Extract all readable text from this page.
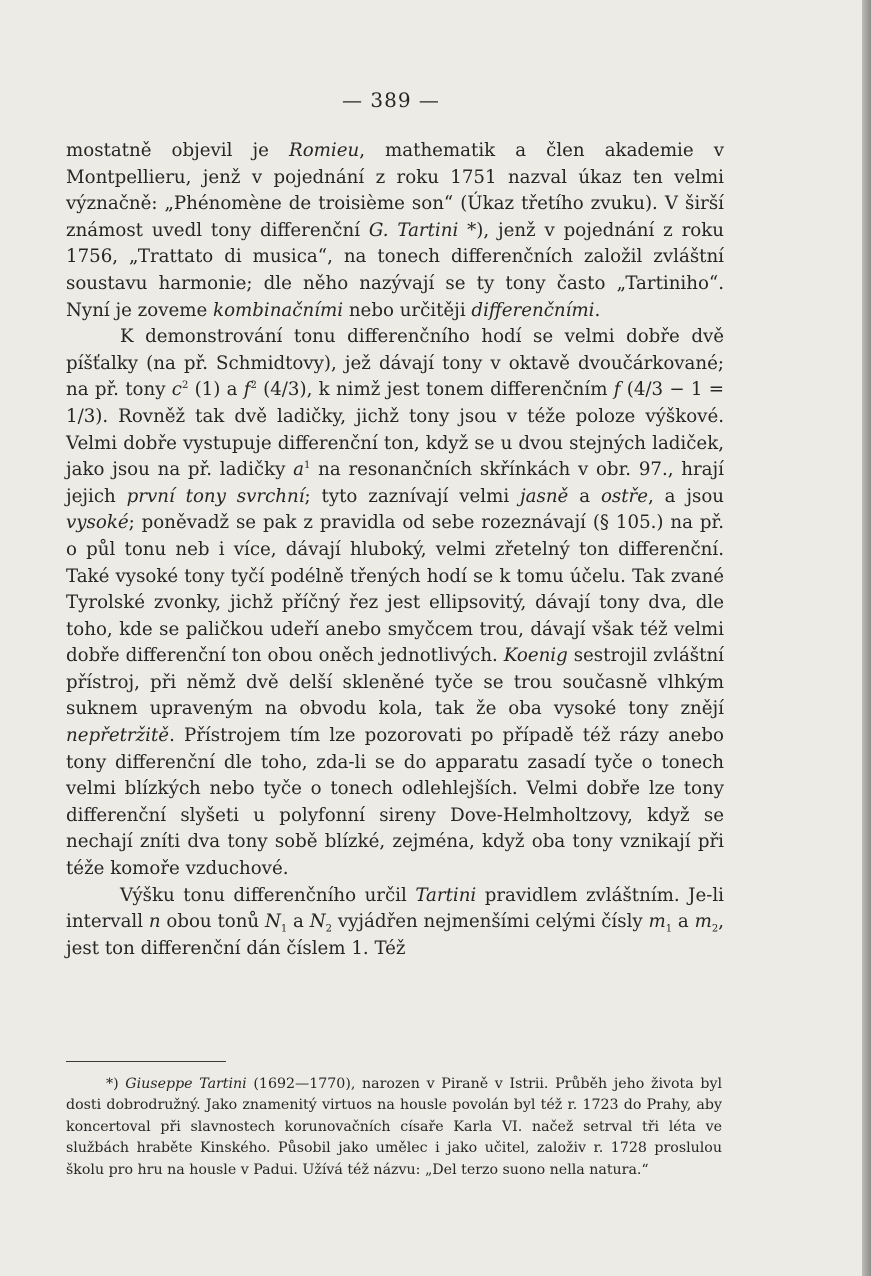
— 389 —

mostatně objevil je Romieu, mathematik a člen akademie v Montpellieru, jenž v pojednání z roku 1751 nazval úkaz ten velmi význačně: „Phénomène de troisième son“ (Úkaz třetího zvuku). V širší známost uvedl tony differenční G. Tartini *), jenž v pojednání z roku 1756, „Trattato di musica“, na tonech differenčních založil zvláštní soustavu harmonie; dle něho nazývají se ty tony často „Tartiniho“. Nyní je zoveme kombinačními nebo určitěji differenčními.

K demonstrování tonu differenčního hodí se velmi dobře dvě píšťalky (na př. Schmidtovy), jež dávají tony v oktavě dvoučárkované; na př. tony $c^2$ (1) a $f^2$ (4/3), k nimž jest tonem differenčním f (4/3 − 1 = 1/3). Rovněž tak dvě ladičky, jichž tony jsou v téže poloze výškové. Velmi dobře vystupuje differenční ton, když se u dvou stejných ladiček, jako jsou na př. ladičky $a^1$ na resonančních skřínkách v obr. 97., hrají jejich první tony svrchní; tyto zaznívají velmi jasně a ostře, a jsou vysoké; poněvadž se pak z pravidla od sebe rozeznávají (§ 105.) na př. o půl tonu neb i více, dávají hluboký, velmi zřetelný ton differenční. Také vysoké tony tyčí podélně třených hodí se k tomu účelu. Tak zvané Tyrolské zvonky, jichž příčný řez jest ellipsovitý, dávají tony dva, dle toho, kde se paličkou udeří anebo smyčcem trou, dávají však též velmi dobře differenční ton obou oněch jednotlivých. Koenig sestrojil zvláštní přístroj, při němž dvě delší skleněné tyče se trou současně vlhkým suknem upraveným na obvodu kola, tak že oba vysoké tony znějí nepřetržitě. Přístrojem tím lze pozorovati po případě též rázy anebo tony differenční dle toho, zda-li se do apparatu zasadí tyče o tonech velmi blízkých nebo tyče o tonech odlehlejších. Velmi dobře lze tony differenční slyšeti u polyfonní sireny Dove-Helmholtzovy, když se nechají zníti dva tony sobě blízké, zejména, když oba tony vznikají při téže komoře vzduchové.

Výšku tonu differenčního určil Tartini pravidlem zvláštním. Je-li intervall n obou tonů $N_1$ a $N_2$ vyjádřen nejmenšími celými čísly $m_1$ a $m_2$, jest ton differenční dán číslem 1. Též

*) Giuseppe Tartini (1692—1770), narozen v Piraně v Istrii. Průběh jeho života byl dosti dobrodružný. Jako znamenitý virtuos na housle povolán byl též r. 1723 do Prahy, aby koncertoval při slavnostech korunovačních císaře Karla VI. načež setrval tři léta ve službách hraběte Kinského. Působil jako umělec i jako učitel, založiv r. 1728 proslulou školu pro hru na housle v Padui. Užívá též názvu: „Del terzo suono nella natura.“
